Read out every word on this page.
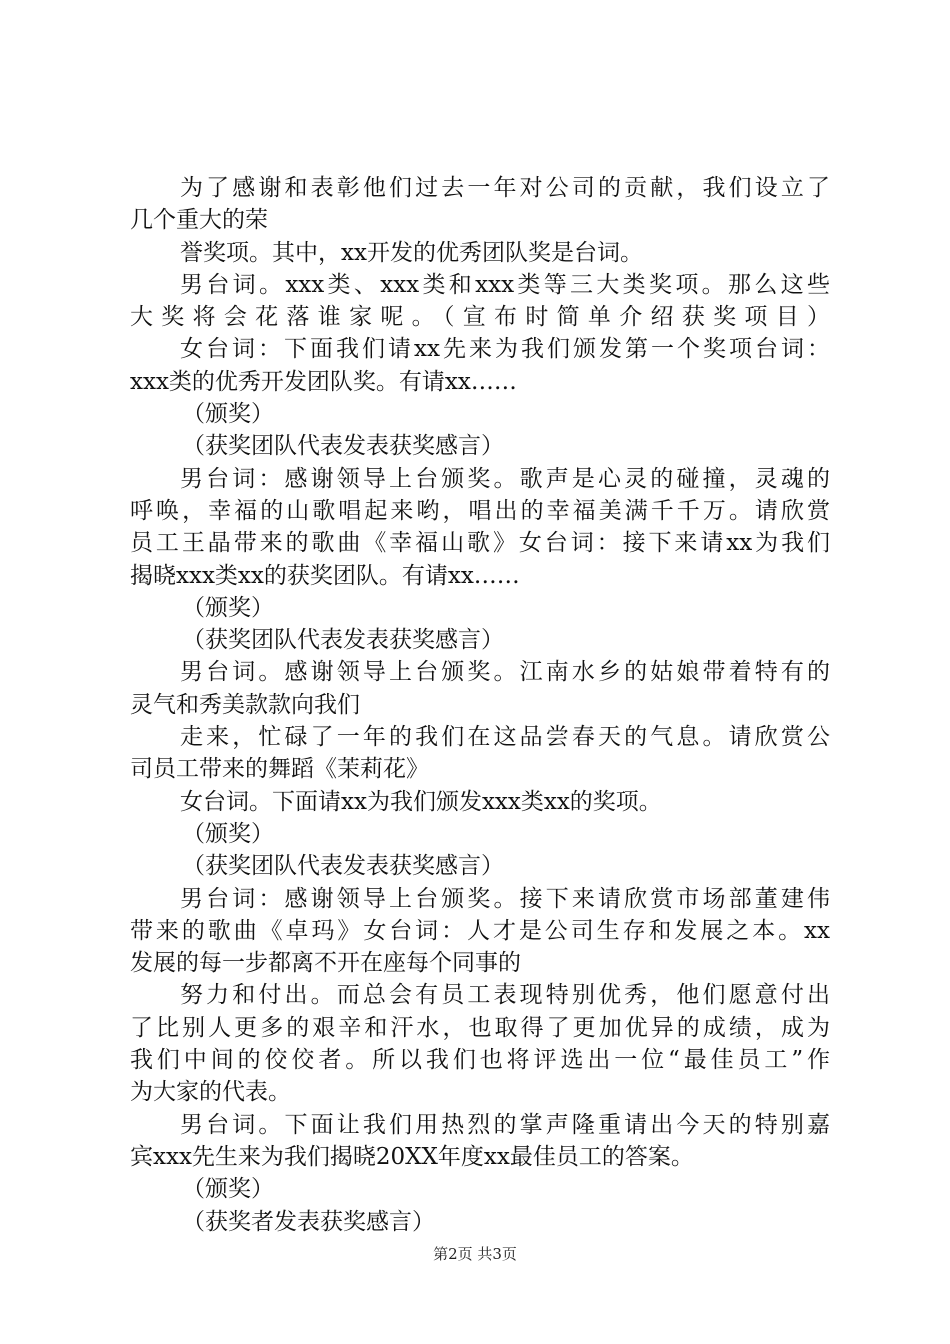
为了感谢和表彰他们过去一年对公司的贡献，我们设立了
几个重大的荣
誉奖项。其中，xx开发的优秀团队奖是台词。
男台词。xxx类、xxx类和xxx类等三大类奖项。那么这些
大奖将会花落谁家呢。（宣布时简单介绍获奖项目）
女台词：下面我们请xx先来为我们颁发第一个奖项台词：
xxx类的优秀开发团队奖。有请xx……
（颁奖）
（获奖团队代表发表获奖感言）
男台词：感谢领导上台颁奖。歌声是心灵的碰撞，灵魂的
呼唤，幸福的山歌唱起来哟，唱出的幸福美满千千万。请欣赏
员工王晶带来的歌曲《幸福山歌》女台词：接下来请xx为我们
揭晓xxx类xx的获奖团队。有请xx……
（颁奖）
（获奖团队代表发表获奖感言）
男台词。感谢领导上台颁奖。江南水乡的姑娘带着特有的
灵气和秀美款款向我们
走来，忙碌了一年的我们在这品尝春天的气息。请欣赏公
司员工带来的舞蹈《茉莉花》
女台词。下面请xx为我们颁发xxx类xx的奖项。
（颁奖）
（获奖团队代表发表获奖感言）
男台词：感谢领导上台颁奖。接下来请欣赏市场部董建伟
带来的歌曲《卓玛》女台词：人才是公司生存和发展之本。xx
发展的每一步都离不开在座每个同事的
努力和付出。而总会有员工表现特别优秀，他们愿意付出
了比别人更多的艰辛和汗水，也取得了更加优异的成绩，成为
我们中间的佼佼者。所以我们也将评选出一位“最佳员工”作
为大家的代表。
男台词。下面让我们用热烈的掌声隆重请出今天的特别嘉
宾xxx先生来为我们揭晓20XX年度xx最佳员工的答案。
（颁奖）
（获奖者发表获奖感言）
第2页 共3页
